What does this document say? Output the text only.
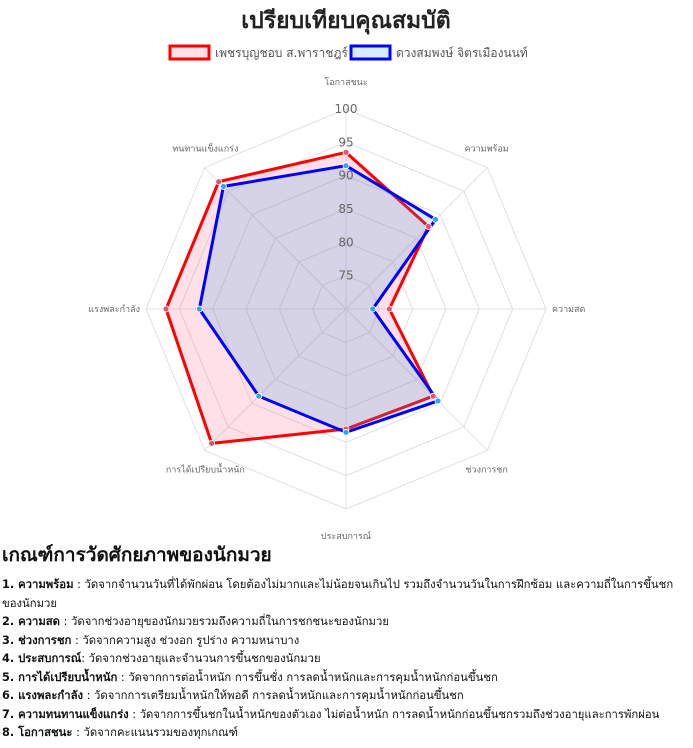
เปรียบเทียบคุณสมบัติ
เพชรบุญชอบ ส.พาราชฎร์	ดวงสมพงษ์ จิตรเมืองนนท์
75
80
85
90
95
100
โอกาสชนะ
ความพร้อม
ความสด
ช่วงการชก
ประสบการณ์
การได้เปรียบน้ำหนัก
แรงพละกำลัง
ทนทานแข็งแกร่ง
เกณฑ์การวัดศักยภาพของนักมวย
1. ความพร้อม : วัดจากจำนวนวันที่ได้พักผ่อน โดยต้องไม่มากและไม่น้อยจนเกินไป รวมถึงจำนวนวันในการฝึกซ้อม และความถี่ในการขึ้นชกของนักมวย
2. ความสด : วัดจากช่วงอายุของนักมวยรวมถึงความถี่ในการชกชนะของนักมวย
3. ช่วงการชก : วัดจากความสูง ช่วงอก รูปร่าง ความหนาบาง
4. ประสบการณ์: วัดจากช่วงอายุและจำนวนการขึ้นชกของนักมวย
5. การได้เปรียบน้ำหนัก : วัดจากการต่อน้ำหนัก การขึ้นชั่ง การลดน้ำหนักและการคุมน้ำหนักก่อนขึ้นชก
6. แรงพละกำลัง : วัดจากการเตรียมน้ำหนักให้พอดี การลดน้ำหนักและการคุมน้ำหนักก่อนขึ้นชก
7. ความทนทานแข็งแกร่ง : วัดจากการขึ้นชกในน้ำหนักของตัวเอง ไม่ต่อน้ำหนัก การลดน้ำหนักก่อนขึ้นชกรวมถึงช่วงอายุและการพักผ่อน
8. โอกาสชนะ : วัดจากคะแนนรวมของทุกเกณฑ์
